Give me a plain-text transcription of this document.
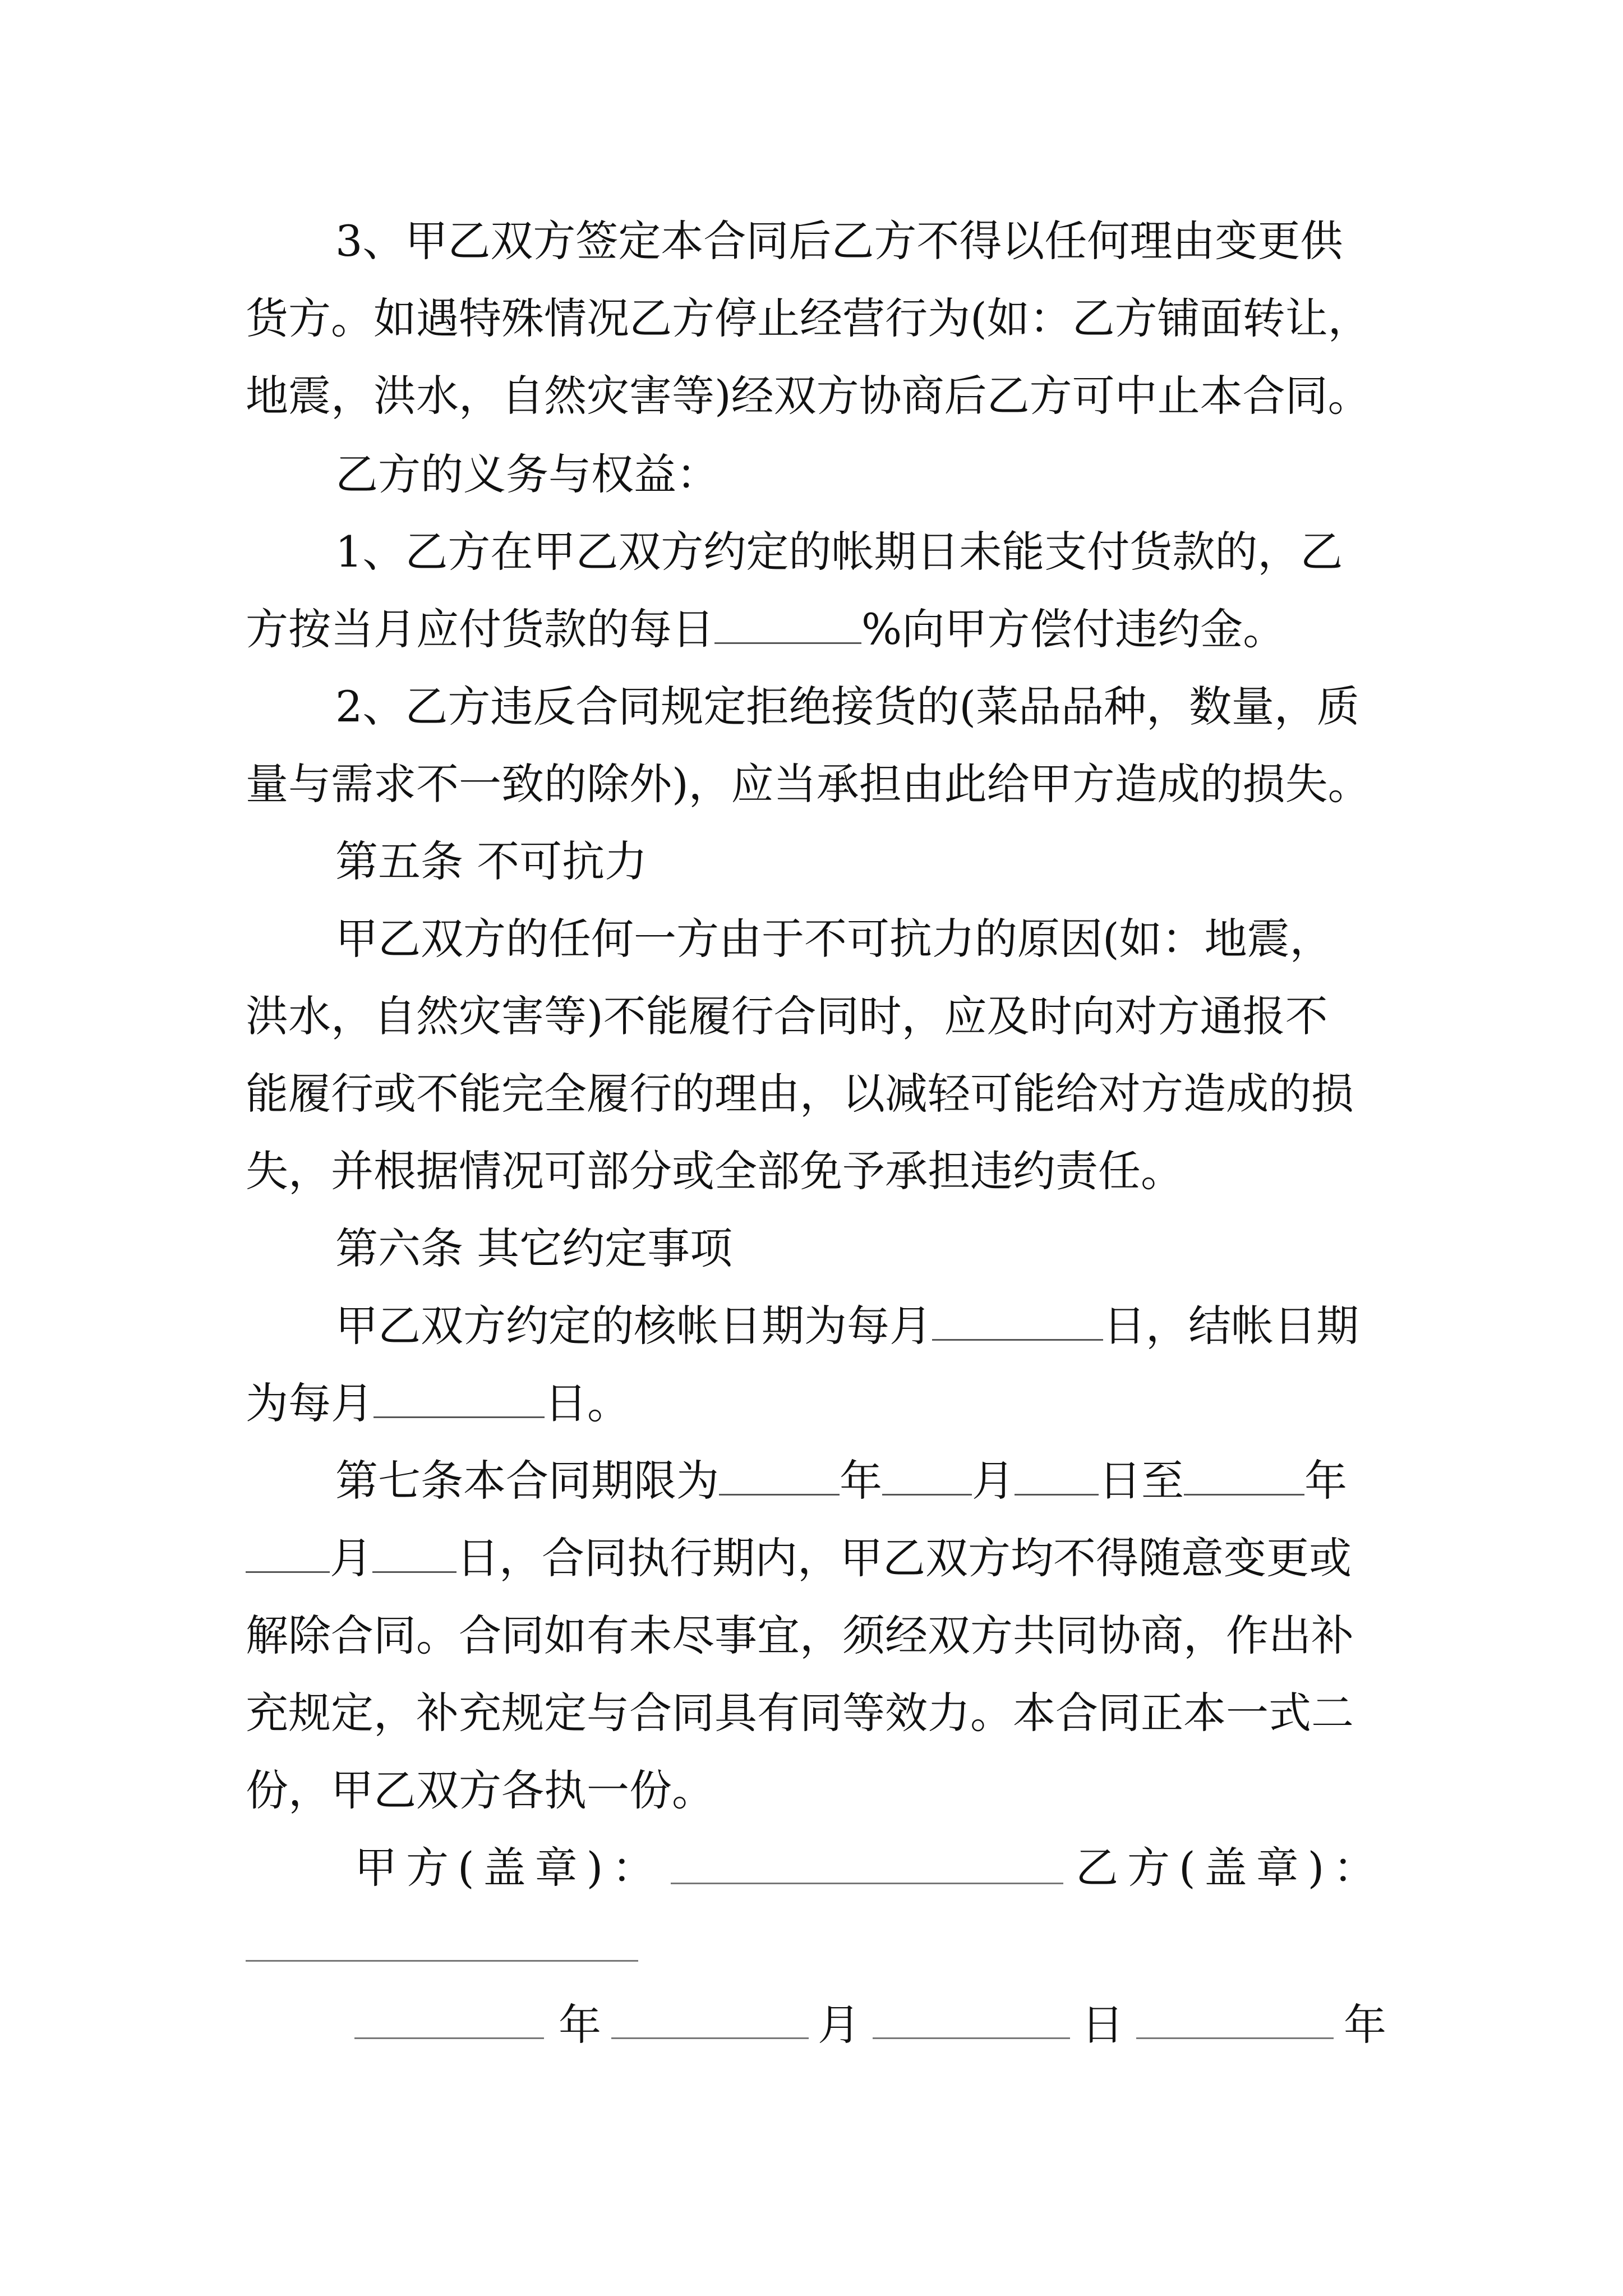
3、甲乙双方签定本合同后乙方不得以任何理由变更供
货方。如遇特殊情况乙方停止经营行为(如：乙方铺面转让，
地震，洪水，自然灾害等)经双方协商后乙方可中止本合同。
乙方的义务与权益：
1、乙方在甲乙双方约定的帐期日未能支付货款的，乙
方按当月应付货款的每日	%向甲方偿付违约金。
2、乙方违反合同规定拒绝接货的(菜品品种，数量，质
量与需求不一致的除外)，应当承担由此给甲方造成的损失。
第五条 不可抗力
甲乙双方的任何一方由于不可抗力的原因(如：地震，
洪水，自然灾害等)不能履行合同时，应及时向对方通报不
能履行或不能完全履行的理由，以减轻可能给对方造成的损
失，并根据情况可部分或全部免予承担违约责任。
第六条 其它约定事项
甲乙双方约定的核帐日期为每月	日，结帐日期
为每月	日。
第七条本合同期限为	年 月 日至	年
月 日，合同执行期内，甲乙双方均不得随意变更或
解除合同。合同如有未尽事宜，须经双方共同协商，作出补
充规定，补充规定与合同具有同等效力。本合同正本一式二
份，甲乙双方各执一份。
甲方(盖章)：	乙方(盖章)：
年	月	日	年
